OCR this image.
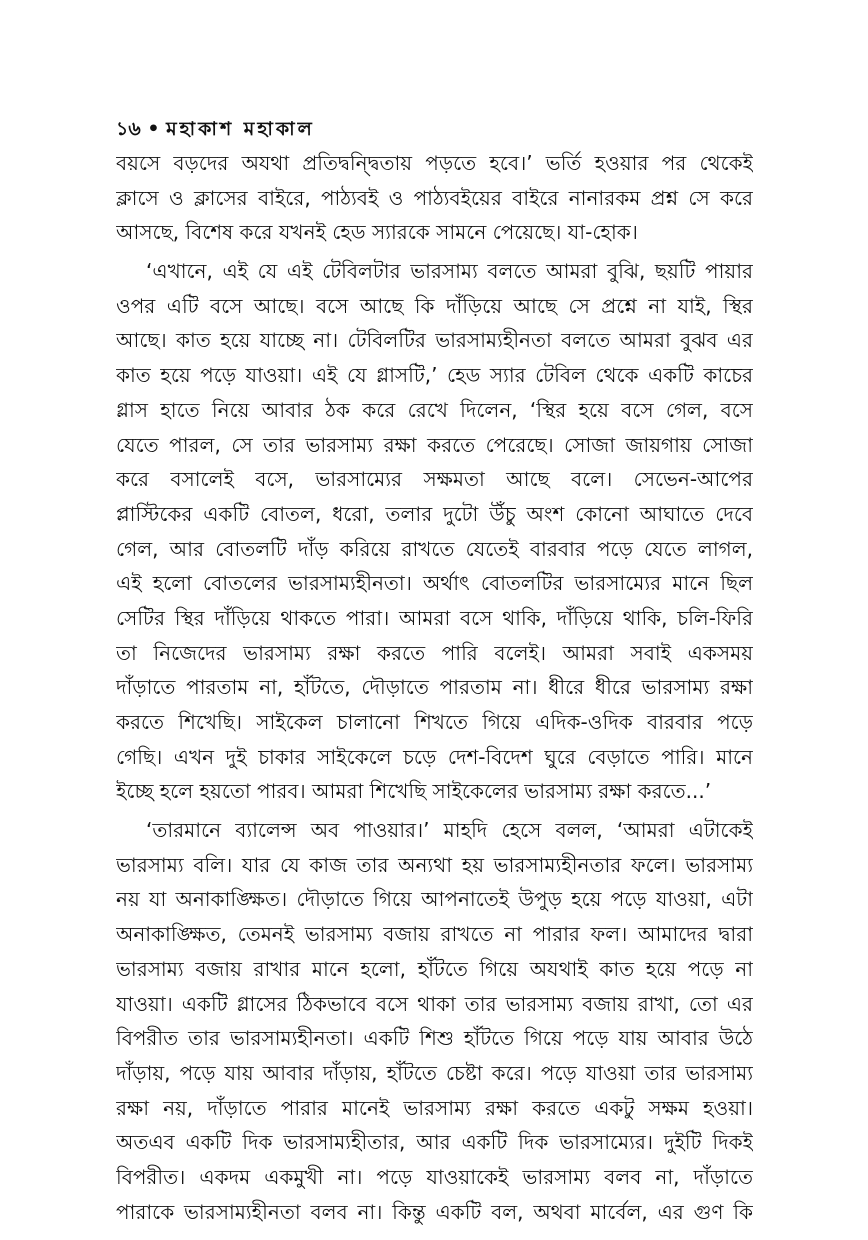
১৬ • মহাকাশ মহাকাল
বয়সে বড়দের অযথা প্রতিদ্বন্দ্বিতায় পড়তে হবে।’ ভর্তি হওয়ার পর থেকেই
ক্লাসে ও ক্লাসের বাইরে, পাঠ্যবই ও পাঠ্যবইয়ের বাইরে নানারকম প্রশ্ন সে করে
আসছে, বিশেষ করে যখনই হেড স্যারকে সামনে পেয়েছে। যা-হোক।
‘এখানে, এই যে এই টেবিলটার ভারসাম্য বলতে আমরা বুঝি, ছয়টি পায়ার
ওপর এটি বসে আছে। বসে আছে কি দাঁড়িয়ে আছে সে প্রশ্নে না যাই, স্থির
আছে। কাত হয়ে যাচ্ছে না। টেবিলটির ভারসাম্যহীনতা বলতে আমরা বুঝব এর
কাত হয়ে পড়ে যাওয়া। এই যে গ্লাসটি,’ হেড স্যার টেবিল থেকে একটি কাচের
গ্লাস হাতে নিয়ে আবার ঠক করে রেখে দিলেন, ‘স্থির হয়ে বসে গেল, বসে
যেতে পারল, সে তার ভারসাম্য রক্ষা করতে পেরেছে। সোজা জায়গায় সোজা
করে বসালেই বসে, ভারসাম্যের সক্ষমতা আছে বলে। সেভেন-আপের
প্লাস্টিকের একটি বোতল, ধরো, তলার দুটো উঁচু অংশ কোনো আঘাতে দেবে
গেল, আর বোতলটি দাঁড় করিয়ে রাখতে যেতেই বারবার পড়ে যেতে লাগল,
এই হলো বোতলের ভারসাম্যহীনতা। অর্থাৎ বোতলটির ভারসাম্যের মানে ছিল
সেটির স্থির দাঁড়িয়ে থাকতে পারা। আমরা বসে থাকি, দাঁড়িয়ে থাকি, চলি-ফিরি
তা নিজেদের ভারসাম্য রক্ষা করতে পারি বলেই। আমরা সবাই একসময়
দাঁড়াতে পারতাম না, হাঁটতে, দৌড়াতে পারতাম না। ধীরে ধীরে ভারসাম্য রক্ষা
করতে শিখেছি। সাইকেল চালানো শিখতে গিয়ে এদিক-ওদিক বারবার পড়ে
গেছি। এখন দুই চাকার সাইকেলে চড়ে দেশ-বিদেশ ঘুরে বেড়াতে পারি। মানে
ইচ্ছে হলে হয়তো পারব। আমরা শিখেছি সাইকেলের ভারসাম্য রক্ষা করতে...’
‘তারমানে ব্যালেন্স অব পাওয়ার।’ মাহদি হেসে বলল, ‘আমরা এটাকেই
ভারসাম্য বলি। যার যে কাজ তার অন্যথা হয় ভারসাম্যহীনতার ফলে। ভারসাম্য
নয় যা অনাকাঙ্ক্ষিত। দৌড়াতে গিয়ে আপনাতেই উপুড় হয়ে পড়ে যাওয়া, এটা
অনাকাঙ্ক্ষিত, তেমনই ভারসাম্য বজায় রাখতে না পারার ফল। আমাদের দ্বারা
ভারসাম্য বজায় রাখার মানে হলো, হাঁটতে গিয়ে অযথাই কাত হয়ে পড়ে না
যাওয়া। একটি গ্লাসের ঠিকভাবে বসে থাকা তার ভারসাম্য বজায় রাখা, তো এর
বিপরীত তার ভারসাম্যহীনতা। একটি শিশু হাঁটতে গিয়ে পড়ে যায় আবার উঠে
দাঁড়ায়, পড়ে যায় আবার দাঁড়ায়, হাঁটতে চেষ্টা করে। পড়ে যাওয়া তার ভারসাম্য
রক্ষা নয়, দাঁড়াতে পারার মানেই ভারসাম্য রক্ষা করতে একটু সক্ষম হওয়া।
অতএব একটি দিক ভারসাম্যহীতার, আর একটি দিক ভারসাম্যের। দুইটি দিকই
বিপরীত। একদম একমুখী না। পড়ে যাওয়াকেই ভারসাম্য বলব না, দাঁড়াতে
পারাকে ভারসাম্যহীনতা বলব না। কিন্তু একটি বল, অথবা মার্বেল, এর গুণ কি
